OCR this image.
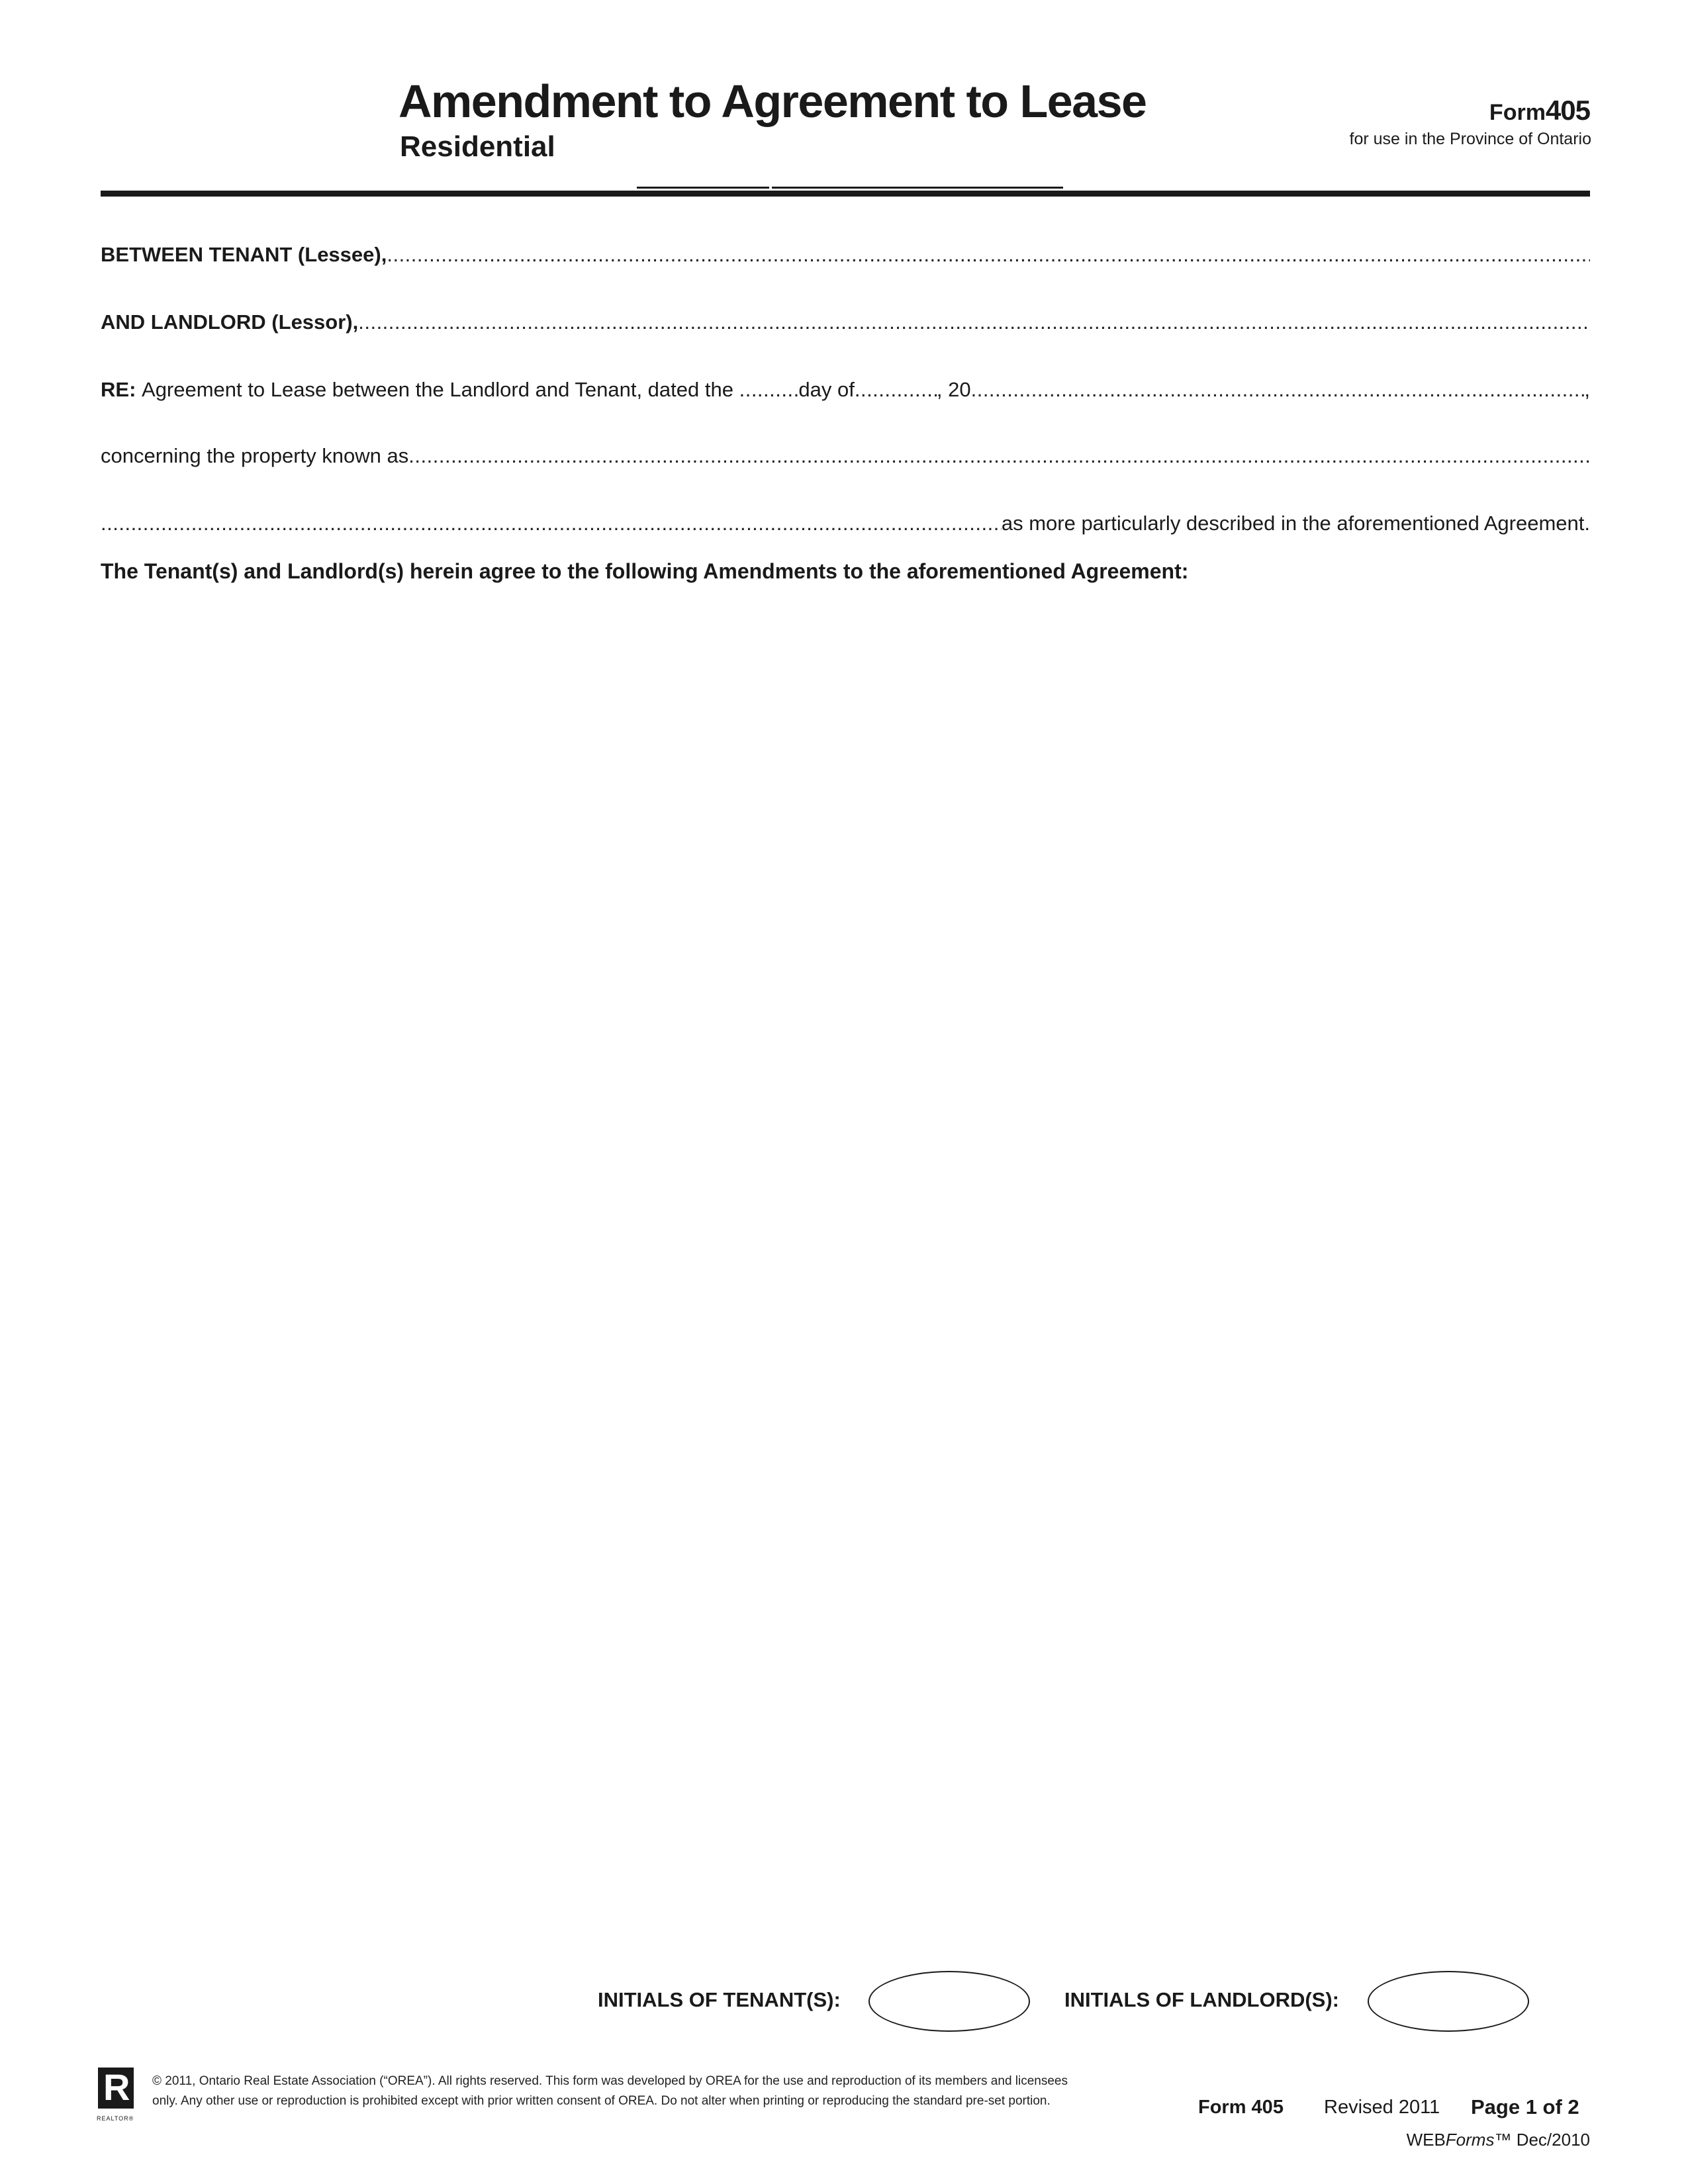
Amendment to Agreement to Lease
Residential
Form405
for use in the Province of Ontario
BETWEEN TENANT (Lessee),
.....
AND LANDLORD (Lessor),
.....
RE:
Agreement to Lease between the Landlord and Tenant, dated the
.....	day of .....	, 20 .....	,
concerning the property known as
.....
.....
as more particularly described in the aforementioned Agreement.
The Tenant(s) and Landlord(s) herein agree to the following Amendments to the aforementioned Agreement:
INITIALS OF TENANT(S):	INITIALS OF LANDLORD(S):
R
REALTOR®
© 2011, Ontario Real Estate Association (“OREA”). All rights reserved. This form was developed by OREA for the use and reproduction of its members and licensees
only. Any other use or reproduction is prohibited except with prior written consent of OREA. Do not alter when printing or reproducing the standard pre-set portion.	Form 405 Revised 2011 Page 1 of 2
WEBForms™ Dec/2010
